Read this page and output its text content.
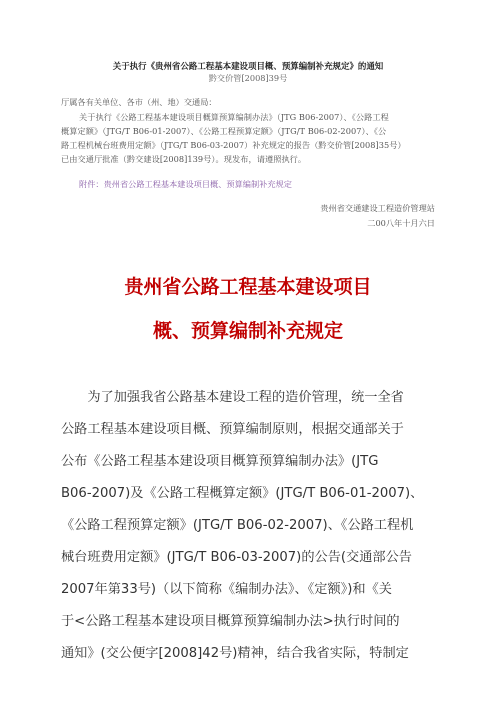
关于执行《贵州省公路工程基本建设项目概、预算编制补充规定》的通知
黔交价管[2008]39号
厅属各有关单位、各市（州、地）交通局：
关于执行《公路工程基本建设项目概算预算编制办法》（JTG B06-2007）、《公路工程
概算定额》（JTG/T B06-01-2007）、《公路工程预算定额》（JTG/T B06-02-2007）、《公
路工程机械台班费用定额》（JTG/T B06-03-2007）补充规定的报告（黔交价管[2008]35号）
已由交通厅批准（黔交建设[2008]139号）。现发布，请遵照执行。
附件：贵州省公路工程基本建设项目概、预算编制补充规定
贵州省交通建设工程造价管理站
二00八年十月六日
贵州省公路工程基本建设项目
概、预算编制补充规定
　　为了加强我省公路基本建设工程的造价管理，统一全省
公路工程基本建设项目概、预算编制原则，根据交通部关于
公布《公路工程基本建设项目概算预算编制办法》(JTG
B06-2007)及《公路工程概算定额》(JTG/T B06-01-2007)、
《公路工程预算定额》(JTG/T B06-02-2007)、《公路工程机
械台班费用定额》(JTG/T B06-03-2007)的公告(交通部公告
2007年第33号)（以下简称《编制办法》、《定额》)和《关
于<公路工程基本建设项目概算预算编制办法>执行时间的
通知》(交公便字[2008]42号)精神，结合我省实际，特制定
